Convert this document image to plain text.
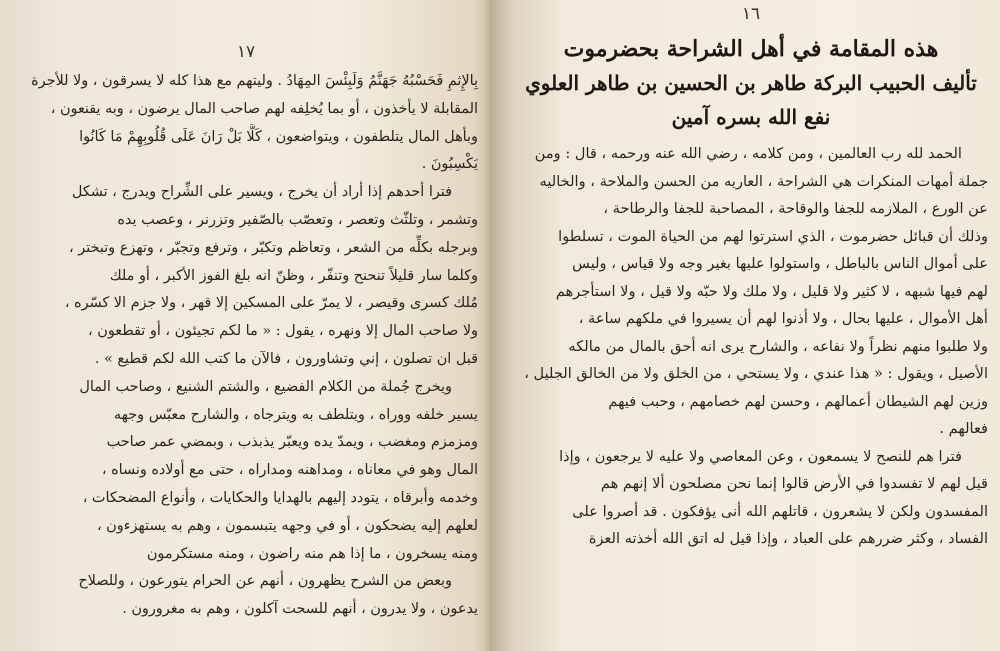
١٧
بِالإِثمِ فَحَسْبُهُ جَهَنَّمُ وَلَبِئْسَ المِهَادُ . وليتهم مع هذا كله لا يسرقون ، ولا للأجرة
المقابلة لا يأخذون ، أو بما يُخلِفه لهم صاحب المال يرضون ، وبه يقنعون ،
وبأهل المال يتلطفون ، ويتواضعون ، كَلَّا بَلْ رَانَ عَلَى قُلُوبِهِمْ مَا كَانُوا
يَكْسِبُونَ .
فترا أحدهم إذا أراد أن يخرج ، ويسير على الشِّراح ويدرج ، تشكل
وتشمر ، وتلثّث وتعصر ، وتعصّب بالصّفير وتزرنر ، وعصب يده
وبرجله بكلِّه من الشعر ، وتعاظم وتكبّر ، وترفع وتجبّر ، وتهزع وتبختر ،
وكلما سار قليلاً تنحنح وتنفّر ، وظنّ انه بلغ الفوز الأكبر ، أو ملك
مُلك كسرى وقيصر ، لا يمرّ على المسكين إلا قهر ، ولا جزم الا كسّره ،
ولا صاحب المال إلا ونهره ، يقول : « ما لكم تجيئون ، أو تقطعون ،
قبل ان تصلون ، إني وتشاورون ، فالآن ما كتب الله لكم قطيع » .
ويخرج جُملة من الكلام الفضيع ، والشتم الشنيع ، وصاحب المال
يسير خلفه ووراه ، ويتلطف به ويترجاه ، والشارح معبّس وجهه
ومزمزم ومغضب ، ويمدّ يده ويعبّر يذبذب ، وبمضي عمر صاحب
المال وهو في معاناه ، ومداهنه ومداراه ، حتى مع أولاده ونساه ،
وخدمه وأبرقاه ، يتودد إليهم بالهدايا والحكايات ، وأنواع المضحكات ،
لعلهم إليه يضحكون ، أو في وجهه يتبسمون ، وهم به يستهزءون ،
ومنه يسخرون ، ما إذا هم منه راضون ، ومنه مستكرمون
وبعض من الشرح يظهرون ، أنهم عن الحرام يتورعون ، وللصلاح
يدعون ، ولا يدرون ، أنهم للسحت آكلون ، وهم به مغرورون .
١٦
هذه المقامة في أهل الشراحة بحضرموت
تأليف الحبيب البركة طاهر بن الحسين بن طاهر العلوي
نفع الله بسره آمين
الحمد لله رب العالمين ، ومن كلامه ، رضي الله عنه ورحمه ، قال : ومن
جملة أمهات المنكرات هي الشراحة ، العاريه من الحسن والملاحة ، والخاليه
عن الورع ، الملازمه للجفا والوقاحة ، المصاحبة للجفا والرطاحة ،
وذلك أن قبائل حضرموت ، الذي استرتوا لهم من الحياة الموت ، تسلطوا
على أموال الناس بالباطل ، واستولوا عليها بغير وجه ولا قياس ، وليس
لهم فيها شبهه ، لا كثير ولا قليل ، ولا ملك ولا حبّه ولا قيل ، ولا استأجرهم
أهل الأموال ، عليها بحال ، ولا أذنوا لهم أن يسيروا في ملكهم ساعة ،
ولا طلبوا منهم نظراً ولا نفاعه ، والشارح يرى انه أحق بالمال من مالكه
الأصيل ، ويقول : « هذا عندي ، ولا يستحي ، من الخلق ولا من الخالق الجليل ،
وزين لهم الشيطان أعمالهم ، وحسن لهم خصامهم ، وحبب فيهم
فعالهم .
فترا هم للنصح لا يسمعون ، وعن المعاصي ولا عليه لا يرجعون ، وإذا
قيل لهم لا تفسدوا في الأرض قالوا إنما نحن مصلحون ألا إنهم هم
المفسدون ولكن لا يشعرون ، قاتلهم الله أنى يؤفكون . قد أصروا على
الفساد ، وكثر ضررهم على العباد ، وإذا قيل له اتق الله أخذته العزة
